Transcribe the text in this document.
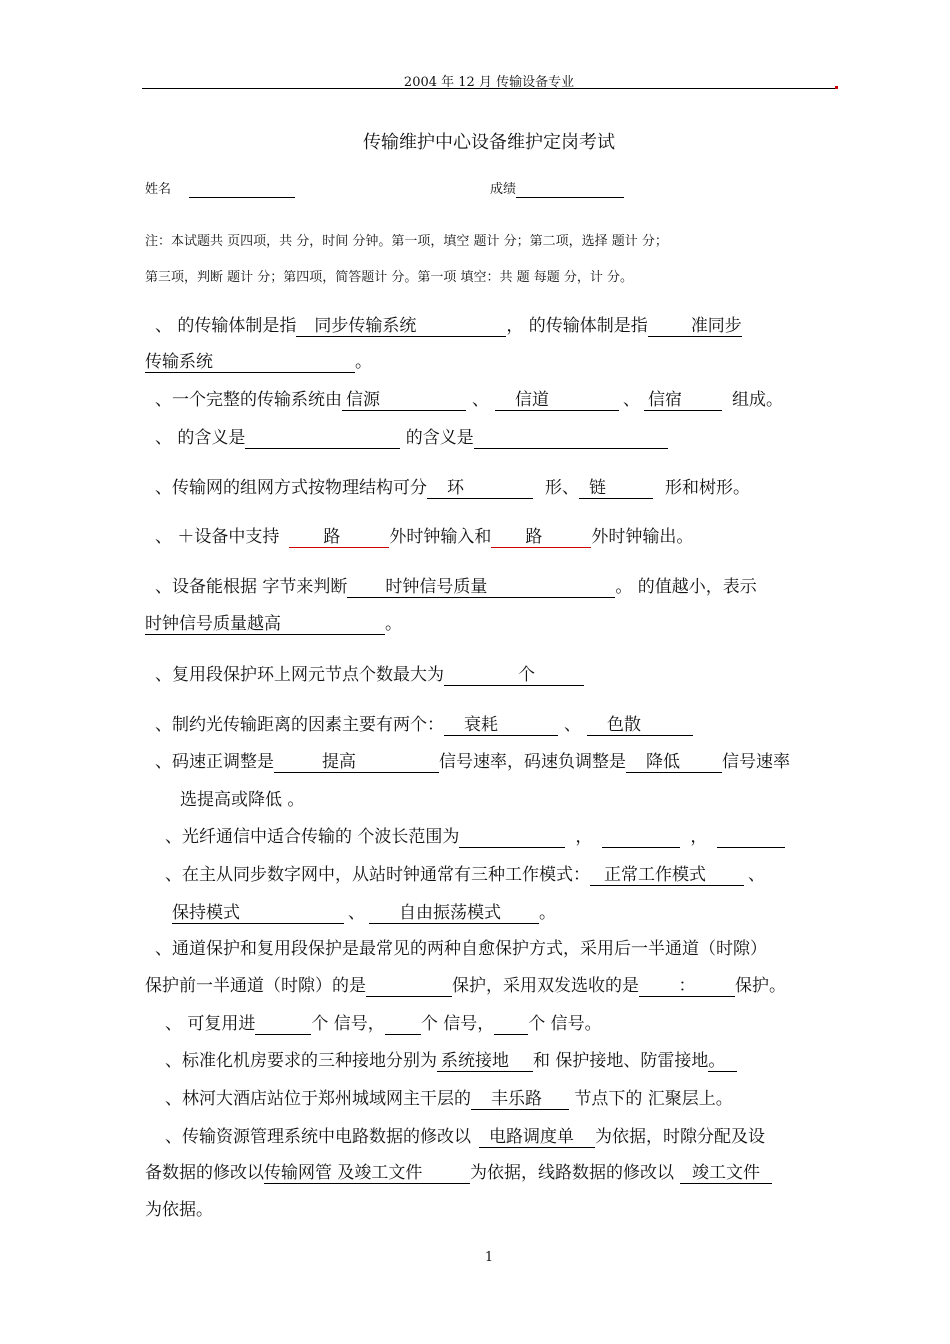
2004 年 12 月 传输设备专业
传输维护中心设备维护定岗考试
姓名	成绩
注：本试题共 页四项，共 分，时间 分钟。第一项，填空 题计 分；第二项，选择 题计 分；
第三项，判断 题计 分；第四项，简答题计 分。第一项 填空：共 题 每题 分，计 分。
、 的传输体制是指 同步传输系统	， 的传输体制是指	准同步
传输系统	。
、一个完整的传输系统由 信源	、 信道	、 信宿	组成。
、 的含义是	的含义是
、传输网的组网方式按物理结构可分 环	形、 链	形和树形。
、 ＋设备中支持	路	外时钟输入和 路	外时钟输出。
、设备能根据 字节来判断 时钟信号质量	。 的值越小，表示
时钟信号质量越高	。
、复用段保护环上网元节点个数最大为	个
、制约光传输距离的因素主要有两个： 衰耗	、 色散
、码速正调整是	提高	信号速率，码速负调整是 降低 信号速率
选提高或降低 。
、光纤通信中适合传输的 个波长范围为	，	，
、在主从同步数字网中，从站时钟通常有三种工作模式： 正常工作模式 、
保持模式	、 自由振荡模式 。
、通道保护和复用段保护是最常见的两种自愈保护方式，采用后一半通道（时隙）
保护前一半通道（时隙）的是	保护，采用双发选收的是 ： 保护。
、 可复用进	个 信号， 个 信号， 个 信号。
、标准化机房要求的三种接地分别为 系统接地 和 保护接地、防雷接地。
、林河大酒店站位于郑州城域网主干层的 丰乐路 节点下的 汇聚层上。
、传输资源管理系统中电路数据的修改以 电路调度单 为依据，时隙分配及设
备数据的修改以传输网管 及竣工文件	为依据，线路数据的修改以 竣工文件
为依据。
1
